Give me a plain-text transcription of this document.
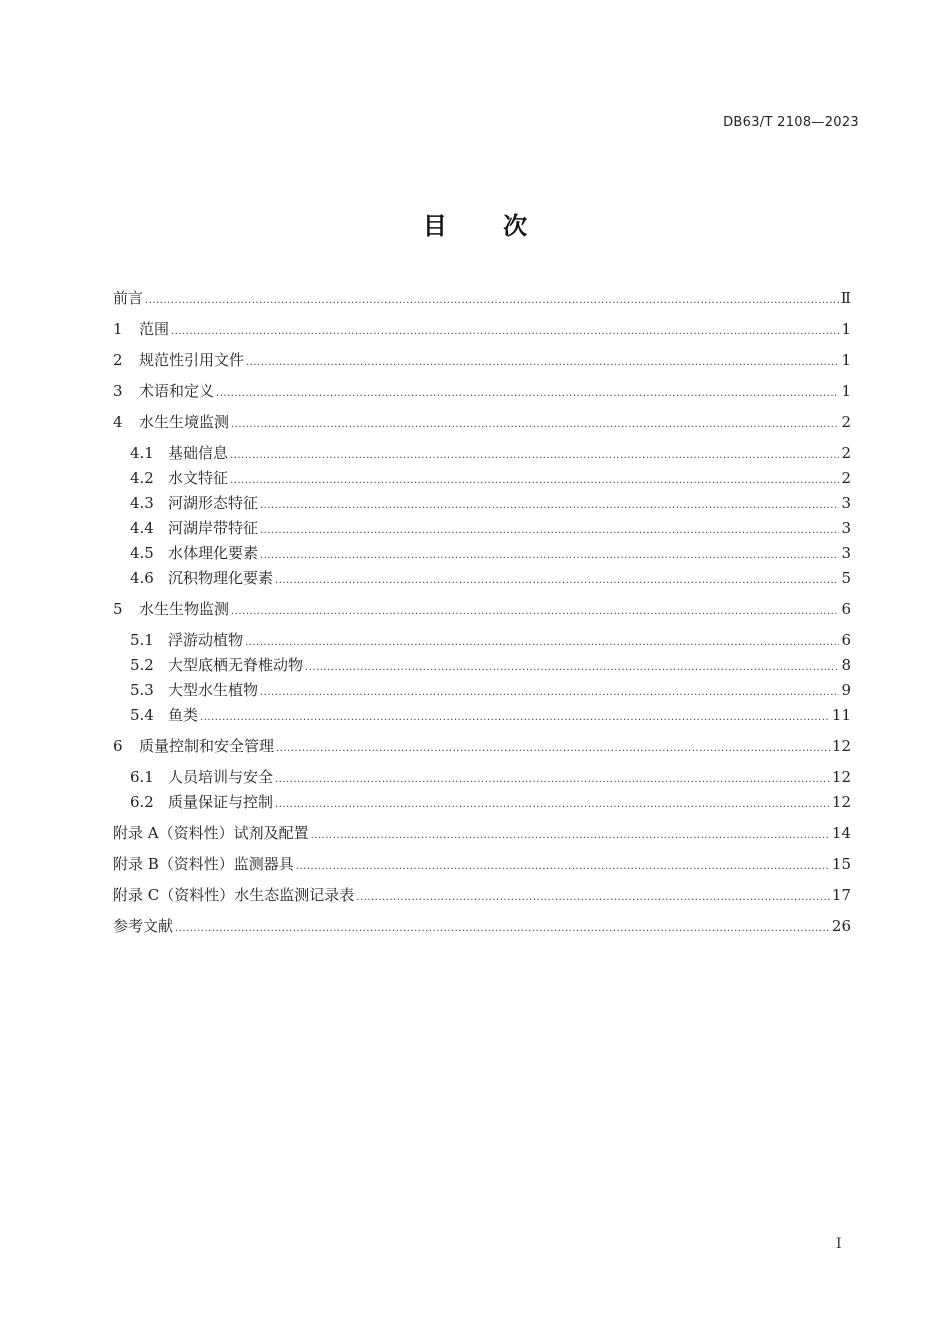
DB63/T 2108—2023
目 次
前言 .....	Ⅱ
1	范围 .....	1
2	规范性引用文件 .....	1
3	术语和定义 .....	1
4	水生生境监测 .....	2
4.1 基础信息 .....	2
4.2 水文特征 .....	2
4.3 河湖形态特征 .....	3
4.4 河湖岸带特征 .....	3
4.5 水体理化要素 .....	3
4.6 沉积物理化要素 .....	5
5	水生生物监测 .....	6
5.1 浮游动植物 .....	6
5.2 大型底栖无脊椎动物 .....	8
5.3 大型水生植物 .....	9
5.4 鱼类 .....	11
6	质量控制和安全管理 .....	12
6.1 人员培训与安全 .....	12
6.2 质量保证与控制 .....	12
附录 A（资料性） 试剂及配置 .....	14
附录 B（资料性） 监测器具 .....	15
附录 C（资料性） 水生态监测记录表 .....	17
参考文献 .....	26
I
